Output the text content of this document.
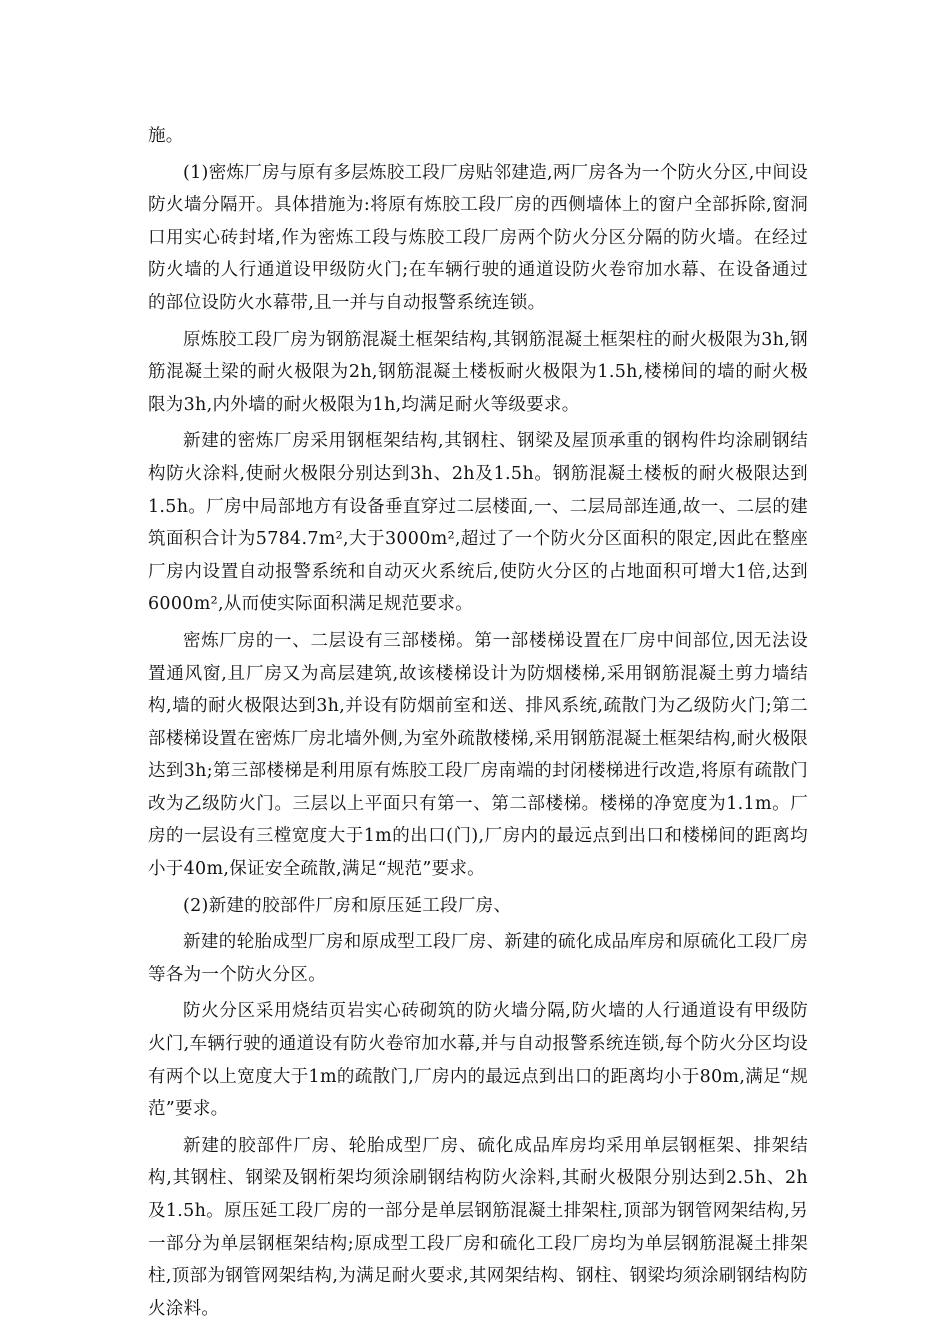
施。

(1)密炼厂房与原有多层炼胶工段厂房贴邻建造,两厂房各为一个防火分区,中间设防火墙分隔开。具体措施为:将原有炼胶工段厂房的西侧墙体上的窗户全部拆除,窗洞口用实心砖封堵,作为密炼工段与炼胶工段厂房两个防火分区分隔的防火墙。在经过防火墙的人行通道设甲级防火门;在车辆行驶的通道设防火卷帘加水幕、在设备通过的部位设防火水幕带,且一并与自动报警系统连锁。

原炼胶工段厂房为钢筋混凝土框架结构,其钢筋混凝土框架柱的耐火极限为3h,钢筋混凝土梁的耐火极限为2h,钢筋混凝土楼板耐火极限为1.5h,楼梯间的墙的耐火极限为3h,内外墙的耐火极限为1h,均满足耐火等级要求。

新建的密炼厂房采用钢框架结构,其钢柱、钢梁及屋顶承重的钢构件均涂刷钢结构防火涂料,使耐火极限分别达到3h、2h及1.5h。钢筋混凝土楼板的耐火极限达到1.5h。厂房中局部地方有设备垂直穿过二层楼面,一、二层局部连通,故一、二层的建筑面积合计为5784.7m²,大于3000m²,超过了一个防火分区面积的限定,因此在整座厂房内设置自动报警系统和自动灭火系统后,使防火分区的占地面积可增大1倍,达到6000m²,从而使实际面积满足规范要求。

密炼厂房的一、二层设有三部楼梯。第一部楼梯设置在厂房中间部位,因无法设置通风窗,且厂房又为高层建筑,故该楼梯设计为防烟楼梯,采用钢筋混凝土剪力墙结构,墙的耐火极限达到3h,并设有防烟前室和送、排风系统,疏散门为乙级防火门;第二部楼梯设置在密炼厂房北墙外侧,为室外疏散楼梯,采用钢筋混凝土框架结构,耐火极限达到3h;第三部楼梯是利用原有炼胶工段厂房南端的封闭楼梯进行改造,将原有疏散门改为乙级防火门。三层以上平面只有第一、第二部楼梯。楼梯的净宽度为1.1m。厂房的一层设有三樘宽度大于1m的出口(门),厂房内的最远点到出口和楼梯间的距离均小于40m,保证安全疏散,满足“规范”要求。

(2)新建的胶部件厂房和原压延工段厂房、

新建的轮胎成型厂房和原成型工段厂房、新建的硫化成品库房和原硫化工段厂房等各为一个防火分区。

防火分区采用烧结页岩实心砖砌筑的防火墙分隔,防火墙的人行通道设有甲级防火门,车辆行驶的通道设有防火卷帘加水幕,并与自动报警系统连锁,每个防火分区均设有两个以上宽度大于1m的疏散门,厂房内的最远点到出口的距离均小于80m,满足“规范”要求。

新建的胶部件厂房、轮胎成型厂房、硫化成品库房均采用单层钢框架、排架结构,其钢柱、钢梁及钢桁架均须涂刷钢结构防火涂料,其耐火极限分别达到2.5h、2h及1.5h。原压延工段厂房的一部分是单层钢筋混凝土排架柱,顶部为钢管网架结构,另一部分为单层钢框架结构;原成型工段厂房和硫化工段厂房均为单层钢筋混凝土排架柱,顶部为钢管网架结构,为满足耐火要求,其网架结构、钢柱、钢梁均须涂刷钢结构防火涂料。
